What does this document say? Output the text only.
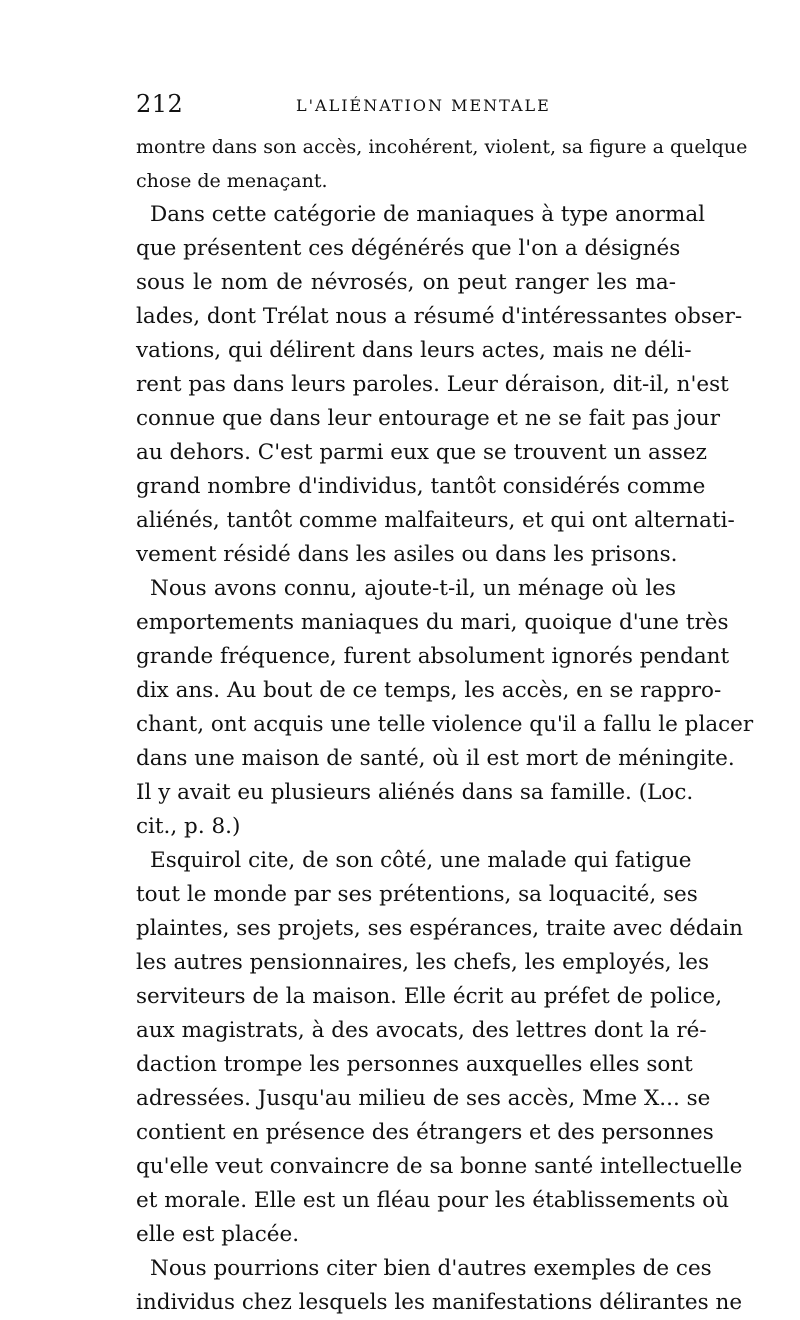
212	L'ALIÉNATION MENTALE
montre dans son accès, incohérent, violent, sa figure a quelque
chose de menaçant.
Dans cette catégorie de maniaques à type anormal
que présentent ces dégénérés que l'on a désignés
sous le nom de névrosés, on peut ranger les ma-
lades, dont Trélat nous a résumé d'intéressantes obser-
vations, qui délirent dans leurs actes, mais ne déli-
rent pas dans leurs paroles. Leur déraison, dit-il, n'est
connue que dans leur entourage et ne se fait pas jour
au dehors. C'est parmi eux que se trouvent un assez
grand nombre d'individus, tantôt considérés comme
aliénés, tantôt comme malfaiteurs, et qui ont alternati-
vement résidé dans les asiles ou dans les prisons.
Nous avons connu, ajoute-t-il, un ménage où les
emportements maniaques du mari, quoique d'une très
grande fréquence, furent absolument ignorés pendant
dix ans. Au bout de ce temps, les accès, en se rappro-
chant, ont acquis une telle violence qu'il a fallu le placer
dans une maison de santé, où il est mort de méningite.
Il y avait eu plusieurs aliénés dans sa famille. (Loc.
cit., p. 8.)
Esquirol cite, de son côté, une malade qui fatigue
tout le monde par ses prétentions, sa loquacité, ses
plaintes, ses projets, ses espérances, traite avec dédain
les autres pensionnaires, les chefs, les employés, les
serviteurs de la maison. Elle écrit au préfet de police,
aux magistrats, à des avocats, des lettres dont la ré-
daction trompe les personnes auxquelles elles sont
adressées. Jusqu'au milieu de ses accès, Mme X... se
contient en présence des étrangers et des personnes
qu'elle veut convaincre de sa bonne santé intellectuelle
et morale. Elle est un fléau pour les établissements où
elle est placée.
Nous pourrions citer bien d'autres exemples de ces
individus chez lesquels les manifestations délirantes ne
